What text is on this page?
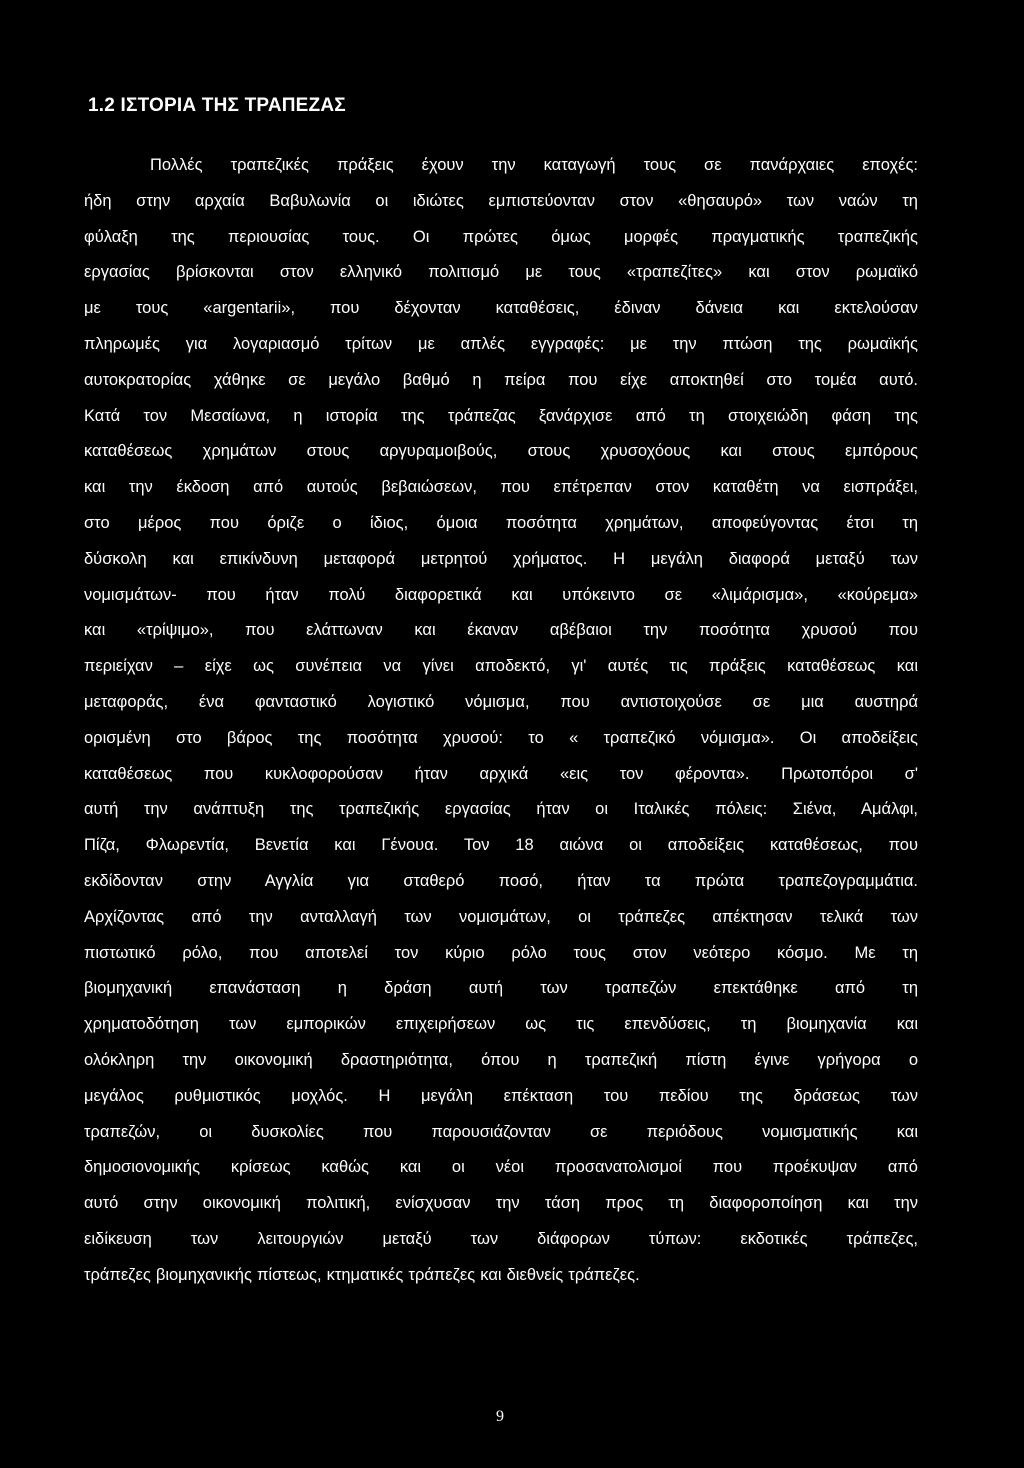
1.2 ΙΣΤΟΡΙΑ ΤΗΣ ΤΡΑΠΕΖΑΣ
Πολλές τραπεζικές πράξεις έχουν την καταγωγή τους σε πανάρχαιες εποχές:
ήδη στην αρχαία Βαβυλωνία οι ιδιώτες εμπιστεύονταν στον «θησαυρό» των ναών τη
φύλαξη της περιουσίας τους. Οι πρώτες όμως μορφές πραγματικής τραπεζικής
εργασίας βρίσκονται στον ελληνικό πολιτισμό με τους «τραπεζίτες» και στον ρωμαϊκό
με τους «argentarii», που δέχονταν καταθέσεις, έδιναν δάνεια και εκτελούσαν
πληρωμές για λογαριασμό τρίτων με απλές εγγραφές: με την πτώση της ρωμαϊκής
αυτοκρατορίας χάθηκε σε μεγάλο βαθμό η πείρα που είχε αποκτηθεί στο τομέα αυτό.
Κατά τον Μεσαίωνα, η ιστορία της τράπεζας ξανάρχισε από τη στοιχειώδη φάση της
καταθέσεως χρημάτων στους αργυραμοιβούς, στους χρυσοχόους και στους εμπόρους
και την έκδοση από αυτούς βεβαιώσεων, που επέτρεπαν στον καταθέτη να εισπράξει,
στο μέρος που όριζε ο ίδιος, όμοια ποσότητα χρημάτων, αποφεύγοντας έτσι τη
δύσκολη και επικίνδυνη μεταφορά μετρητού χρήματος. Η μεγάλη διαφορά μεταξύ των
νομισμάτων- που ήταν πολύ διαφορετικά και υπόκειντο σε «λιμάρισμα», «κούρεμα»
και «τρίψιμο», που ελάττωναν και έκαναν αβέβαιοι την ποσότητα χρυσού που
περιείχαν – είχε ως συνέπεια να γίνει αποδεκτό, γι' αυτές τις πράξεις καταθέσεως και
μεταφοράς, ένα φανταστικό λογιστικό νόμισμα, που αντιστοιχούσε σε μια αυστηρά
ορισμένη στο βάρος της ποσότητα χρυσού: το « τραπεζικό νόμισμα». Οι αποδείξεις
καταθέσεως που κυκλοφορούσαν ήταν αρχικά «εις τον φέροντα». Πρωτοπόροι σ'
αυτή την ανάπτυξη της τραπεζικής εργασίας ήταν οι Ιταλικές πόλεις: Σιένα, Αμάλφι,
Πίζα, Φλωρεντία, Βενετία και Γένουα. Τον 18 αιώνα οι αποδείξεις καταθέσεως, που
εκδίδονταν στην Αγγλία για σταθερό ποσό, ήταν τα πρώτα τραπεζογραμμάτια.
Αρχίζοντας από την ανταλλαγή των νομισμάτων, οι τράπεζες απέκτησαν τελικά των
πιστωτικό ρόλο, που αποτελεί τον κύριο ρόλο τους στον νεότερο κόσμο. Με τη
βιομηχανική επανάσταση η δράση αυτή των τραπεζών επεκτάθηκε από τη
χρηματοδότηση των εμπορικών επιχειρήσεων ως τις επενδύσεις, τη βιομηχανία και
ολόκληρη την οικονομική δραστηριότητα, όπου η τραπεζική πίστη έγινε γρήγορα ο
μεγάλος ρυθμιστικός μοχλός. Η μεγάλη επέκταση του πεδίου της δράσεως των
τραπεζών, οι δυσκολίες που παρουσιάζονταν σε περιόδους νομισματικής και
δημοσιονομικής κρίσεως καθώς και οι νέοι προσανατολισμοί που προέκυψαν από
αυτό στην οικονομική πολιτική, ενίσχυσαν την τάση προς τη διαφοροποίηση και την
ειδίκευση των λειτουργιών μεταξύ των διάφορων τύπων: εκδοτικές τράπεζες,
τράπεζες βιομηχανικής πίστεως, κτηματικές τράπεζες και διεθνείς τράπεζες.
9
